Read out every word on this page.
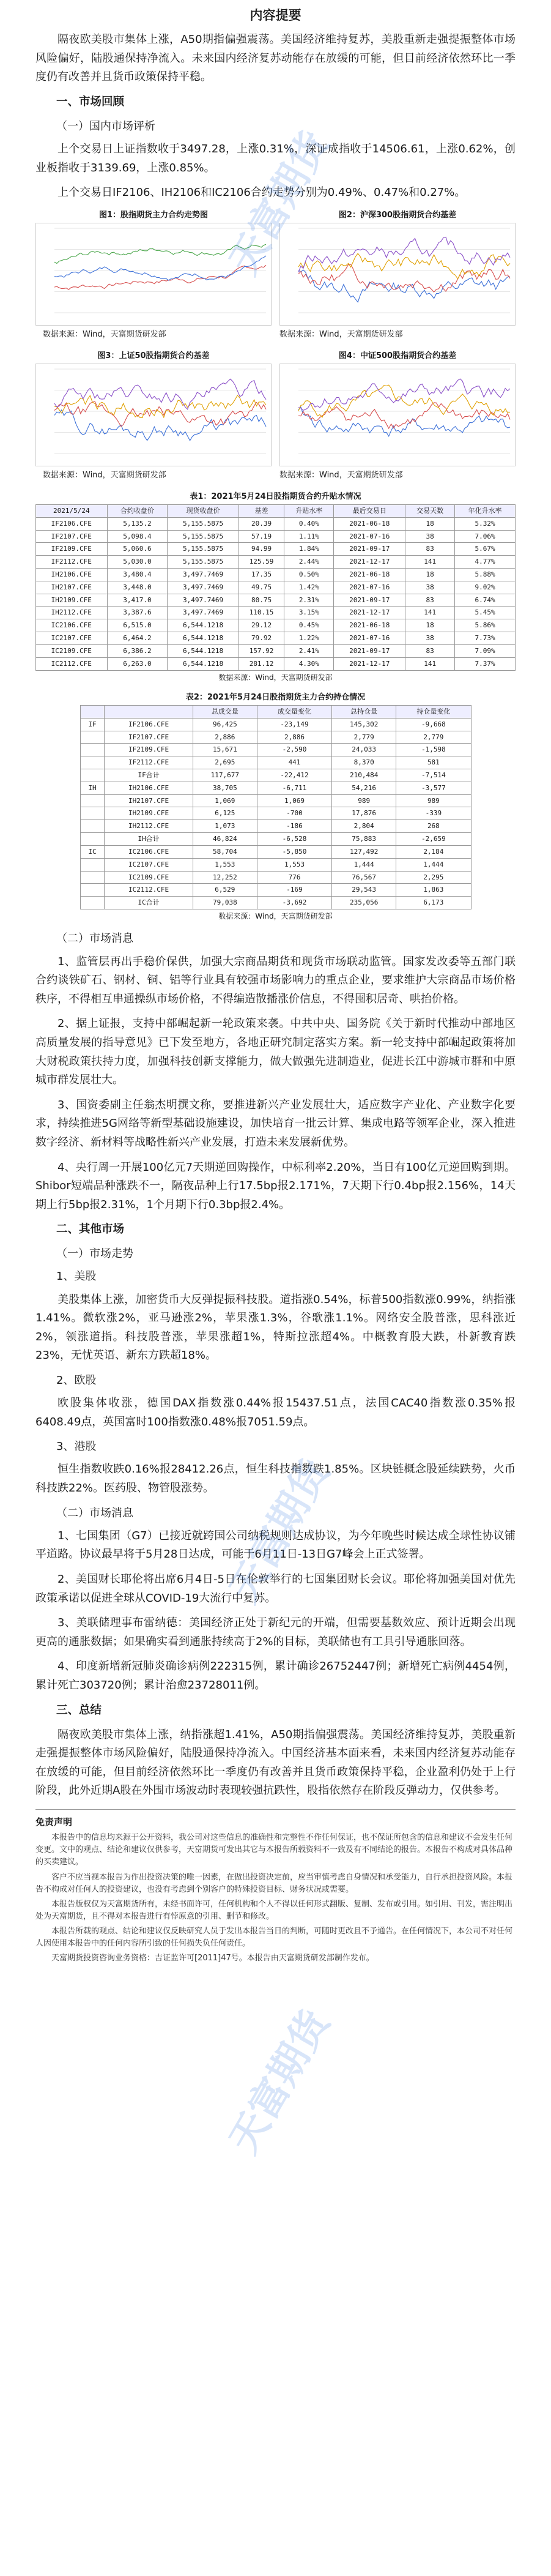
内容提要

隔夜欧美股市集体上涨，A50期指偏强震荡。美国经济维持复苏，美股重新走强提振整体市场风险偏好，陆股通保持净流入。未来国内经济复苏动能存在放缓的可能，但目前经济依然环比一季度仍有改善并且货币政策保持平稳。

一、市场回顾
（一）国内市场评析

上个交易日上证指数收于3497.28，上涨0.31%，深证成指收于14506.61，上涨0.62%，创业板指收于3139.69，上涨0.85%。

上个交易日IF2106、IH2106和IC2106合约走势分别为0.49%、0.47%和0.27%。

图1：股指期货主力合约走势图	图2：沪深300股指期货合约基差
数据来源：Wind，天富期货研发部	数据来源：Wind，天富期货研发部
图3：上证50股指期货合约基差	图4：中证500股指期货合约基差
数据来源：Wind，天富期货研发部	数据来源：Wind，天富期货研发部
表1：2021年5月24日股指期货合约升贴水情况
2021/5/24	合约收盘价	现货收盘价	基差	升贴水率	最后交易日	交易天数	年化升水率
IF2106.CFE	5,135.2	5,155.5875	20.39	0.40%	2021-06-18	18	5.32%
IF2107.CFE	5,098.4	5,155.5875	57.19	1.11%	2021-07-16	38	7.06%
IF2109.CFE	5,060.6	5,155.5875	94.99	1.84%	2021-09-17	83	5.67%
IF2112.CFE	5,030.0	5,155.5875	125.59	2.44%	2021-12-17	141	4.77%
IH2106.CFE	3,480.4	3,497.7469	17.35	0.50%	2021-06-18	18	5.88%
IH2107.CFE	3,448.0	3,497.7469	49.75	1.42%	2021-07-16	38	9.02%
IH2109.CFE	3,417.0	3,497.7469	80.75	2.31%	2021-09-17	83	6.74%
IH2112.CFE	3,387.6	3,497.7469	110.15	3.15%	2021-12-17	141	5.45%
IC2106.CFE	6,515.0	6,544.1218	29.12	0.45%	2021-06-18	18	5.86%
IC2107.CFE	6,464.2	6,544.1218	79.92	1.22%	2021-07-16	38	7.73%
IC2109.CFE	6,386.2	6,544.1218	157.92	2.41%	2021-09-17	83	7.09%
IC2112.CFE	6,263.0	6,544.1218	281.12	4.30%	2021-12-17	141	7.37%
数据来源：Wind，天富期货研发部
表2：2021年5月24日股指期货主力合约持仓情况
		总成交量	成交量变化	总持仓量	持仓量变化
IF	IF2106.CFE	96,425	-23,149	145,302	-9,668
	IF2107.CFE	2,886	2,886	2,779	2,779
	IF2109.CFE	15,671	-2,590	24,033	-1,598
	IF2112.CFE	2,695	441	8,370	581
	IF合计	117,677	-22,412	210,484	-7,514
IH	IH2106.CFE	38,705	-6,711	54,216	-3,577
	IH2107.CFE	1,069	1,069	989	989
	IH2109.CFE	6,125	-700	17,876	-339
	IH2112.CFE	1,073	-186	2,804	268
	IH合计	46,824	-6,528	75,883	-2,659
IC	IC2106.CFE	58,704	-5,850	127,492	2,184
	IC2107.CFE	1,553	1,553	1,444	1,444
	IC2109.CFE	12,252	776	76,567	2,295
	IC2112.CFE	6,529	-169	29,543	1,863
	IC合计	79,038	-3,692	235,056	6,173
数据来源：Wind，天富期货研发部
（二）市场消息

1、监管层再出手稳价保供，加强大宗商品期货和现货市场联动监管。国家发改委等五部门联合约谈铁矿石、钢材、铜、铝等行业具有较强市场影响力的重点企业，要求维护大宗商品市场价格秩序，不得相互串通操纵市场价格，不得编造散播涨价信息，不得囤积居奇、哄抬价格。

2、据上证报，支持中部崛起新一轮政策来袭。中共中央、国务院《关于新时代推动中部地区高质量发展的指导意见》已下发至地方，各地正研究制定落实方案。新一轮支持中部崛起政策将加大财税政策扶持力度，加强科技创新支撑能力，做大做强先进制造业，促进长江中游城市群和中原城市群发展壮大。

3、国资委副主任翁杰明撰文称，要推进新兴产业发展壮大，适应数字产业化、产业数字化要求，持续推进5G网络等新型基础设施建设，加快培育一批云计算、集成电路等领军企业，深入推进数字经济、新材料等战略性新兴产业发展，打造未来发展新优势。

4、央行周一开展100亿元7天期逆回购操作，中标利率2.20%，当日有100亿元逆回购到期。Shibor短端品种涨跌不一，隔夜品种上行17.5bp报2.171%，7天期下行0.4bp报2.156%，14天期上行5bp报2.31%，1个月期下行0.3bp报2.4%。

二、其他市场
（一）市场走势
1、美股

美股集体上涨，加密货币大反弹提振科技股。道指涨0.54%，标普500指数涨0.99%，纳指涨1.41%。微软涨2%，亚马逊涨2%，苹果涨1.3%，谷歌涨1.1%。网络安全股普涨，思科涨近2%，领涨道指。科技股普涨，苹果涨超1%，特斯拉涨超4%。中概教育股大跌，朴新教育跌23%，无忧英语、新东方跌超18%。

2、欧股

欧股集体收涨，德国DAX指数涨0.44%报15437.51点，法国CAC40指数涨0.35%报6408.49点，英国富时100指数涨0.48%报7051.59点。

3、港股

恒生指数收跌0.16%报28412.26点，恒生科技指数跌1.85%。区块链概念股延续跌势，火币科技跌22%。医药股、物管股涨势。

（二）市场消息

1、七国集团（G7）已接近就跨国公司纳税规则达成协议，为今年晚些时候达成全球性协议铺平道路。协议最早将于5月28日达成，可能于6月11日-13日G7峰会上正式签署。

2、美国财长耶伦将出席6月4日-5日在伦敦举行的七国集团财长会议。耶伦将加强美国对优先政策承诺以促进全球从COVID-19大流行中复苏。

3、美联储理事布雷纳德：美国经济正处于新纪元的开端，但需要基数效应、预计近期会出现更高的通胀数据；如果确实看到通胀持续高于2%的目标，美联储也有工具引导通胀回落。

4、印度新增新冠肺炎确诊病例222315例，累计确诊26752447例；新增死亡病例4454例，累计死亡303720例；累计治愈23728011例。

三、总结

隔夜欧美股市集体上涨，纳指涨超1.41%，A50期指偏强震荡。美国经济维持复苏，美股重新走强提振整体市场风险偏好，陆股通保持净流入。中国经济基本面来看，未来国内经济复苏动能存在放缓的可能，但目前经济依然环比一季度仍有改善并且货币政策保持平稳，企业盈利仍处于上行阶段，此外近期A股在外围市场波动时表现较强抗跌性，股指依然存在阶段反弹动力，仅供参考。

免责声明

本报告中的信息均来源于公开资料，我公司对这些信息的准确性和完整性不作任何保证，也不保证所包含的信息和建议不会发生任何变更。文中的观点、结论和建议仅供参考，天富期货可发出其它与本报告所载资料不一致及有不同结论的报告。本报告不构成对具体品种的买卖建议。

客户不应当视本报告为作出投资决策的唯一因素，在做出投资决定前，应当审慎考虑自身情况和承受能力，自行承担投资风险。本报告不构成对任何人的投资建议，也没有考虑到个别客户的特殊投资目标、财务状况或需要。

本报告版权仅为天富期货所有，未经书面许可，任何机构和个人不得以任何形式翻版、复制、发布或引用。如引用、刊发，需注明出处为天富期货，且不得对本报告进行有悖原意的引用、删节和修改。

本报告所载的观点、结论和建议仅反映研究人员于发出本报告当日的判断，可随时更改且不予通告。在任何情况下，本公司不对任何人因使用本报告中的任何内容所引致的任何损失负任何责任。

天富期货投资咨询业务资格：吉证监许可[2011]47号。本报告由天富期货研发部制作发布。

天富期货
天富期货
天富期货
